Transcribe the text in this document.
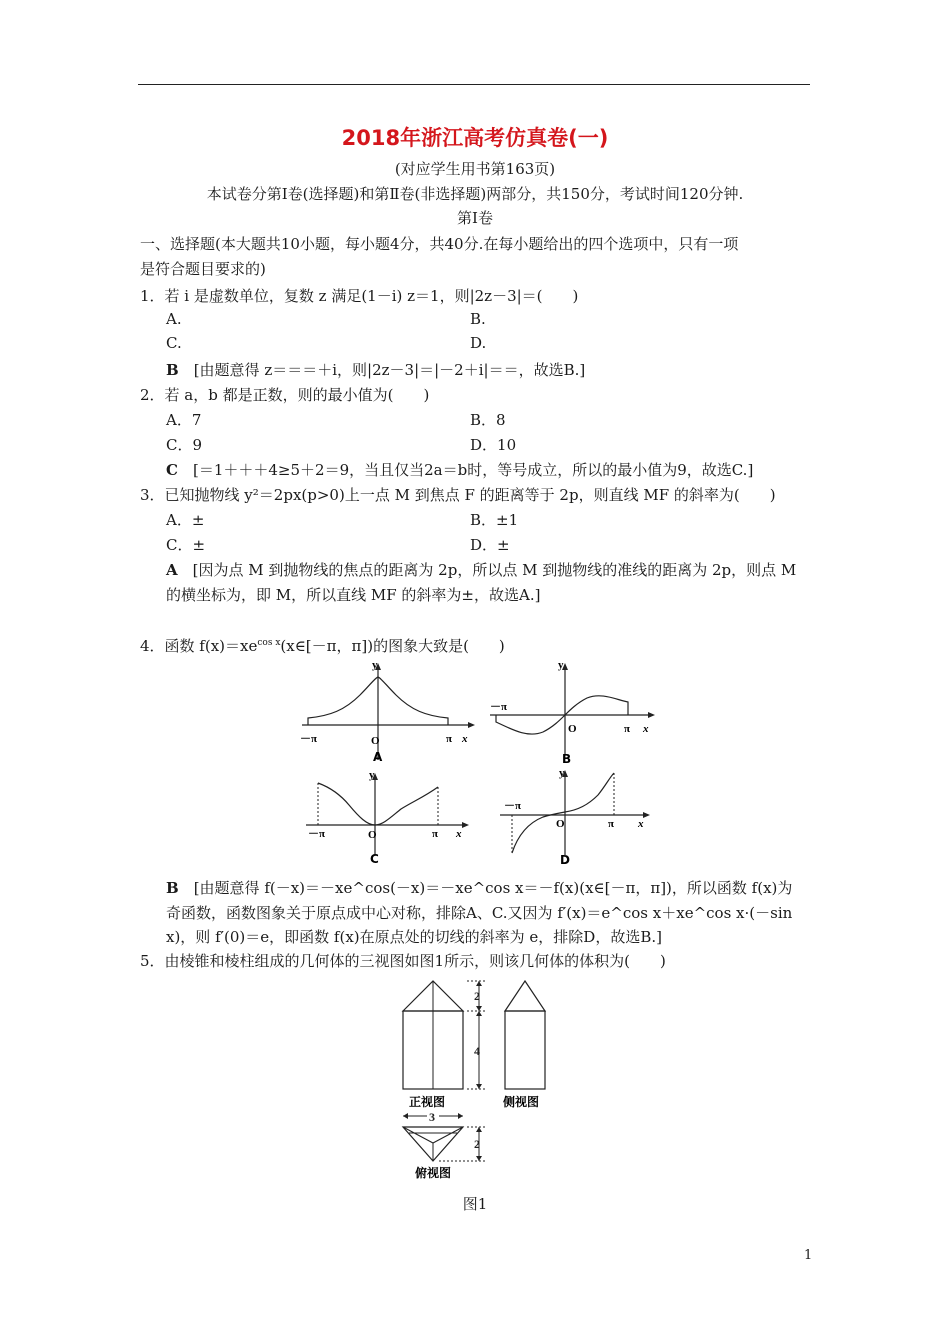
2018年浙江高考仿真卷(一)
(对应学生用书第163页)
本试卷分第Ⅰ卷(选择题)和第Ⅱ卷(非选择题)两部分，共150分，考试时间120分钟.
第Ⅰ卷
一、选择题(本大题共10小题，每小题4分，共40分.在每小题给出的四个选项中，只有一项
是符合题目要求的)
1．若 i 是虚数单位，复数 z 满足(1－i) z＝1，则|2z－3|＝(　　)
A.	B.
C.	D.
B　 [由题意得 z＝＝＝＋i，则|2z－3|＝|－2＋i|＝＝，故选B.]
2．若 a，b 都是正数，则的最小值为(　　)
A．7	B．8
C．9	D．10
C　 [＝1＋＋＋4≥5＋2＝9，当且仅当2a＝b时，等号成立，所以的最小值为9，故选C.]
3．已知抛物线 y²＝2px(p>0)上一点 M 到焦点 F 的距离等于 2p，则直线 MF 的斜率为(　　)
A．±	B．±1
C．±	D．±
A　 [因为点 M 到抛物线的焦点的距离为 2p，所以点 M 到抛物线的准线的距离为 2p，则点 M
的横坐标为，即 M，所以直线 MF 的斜率为±，故选A.]
4．函数 $f(x)=xe^{cos x}(x\in[-\pi$，π])的图象大致是(　　)
y
x
O
－π	π
A
y
x
O
－π
π
B
y
x
O
－π	π
C
y
x
O
－π
π
D
B　 [由题意得 f(－x)＝－xe^cos(－x)＝－xe^cos x＝－f(x)(x∈[－π，π])，所以函数 f(x)为
奇函数，函数图象关于原点成中心对称，排除A、C.又因为 f′(x)＝e^cos x＋xe^cos x·(－sin
x)，则 f′(0)＝e，即函数 f(x)在原点处的切线的斜率为 e，排除D，故选B.]
5．由棱锥和棱柱组成的几何体的三视图如图1所示，则该几何体的体积为(　　)
2
4
正视图	侧视图
3
2
俯视图
图1
1
